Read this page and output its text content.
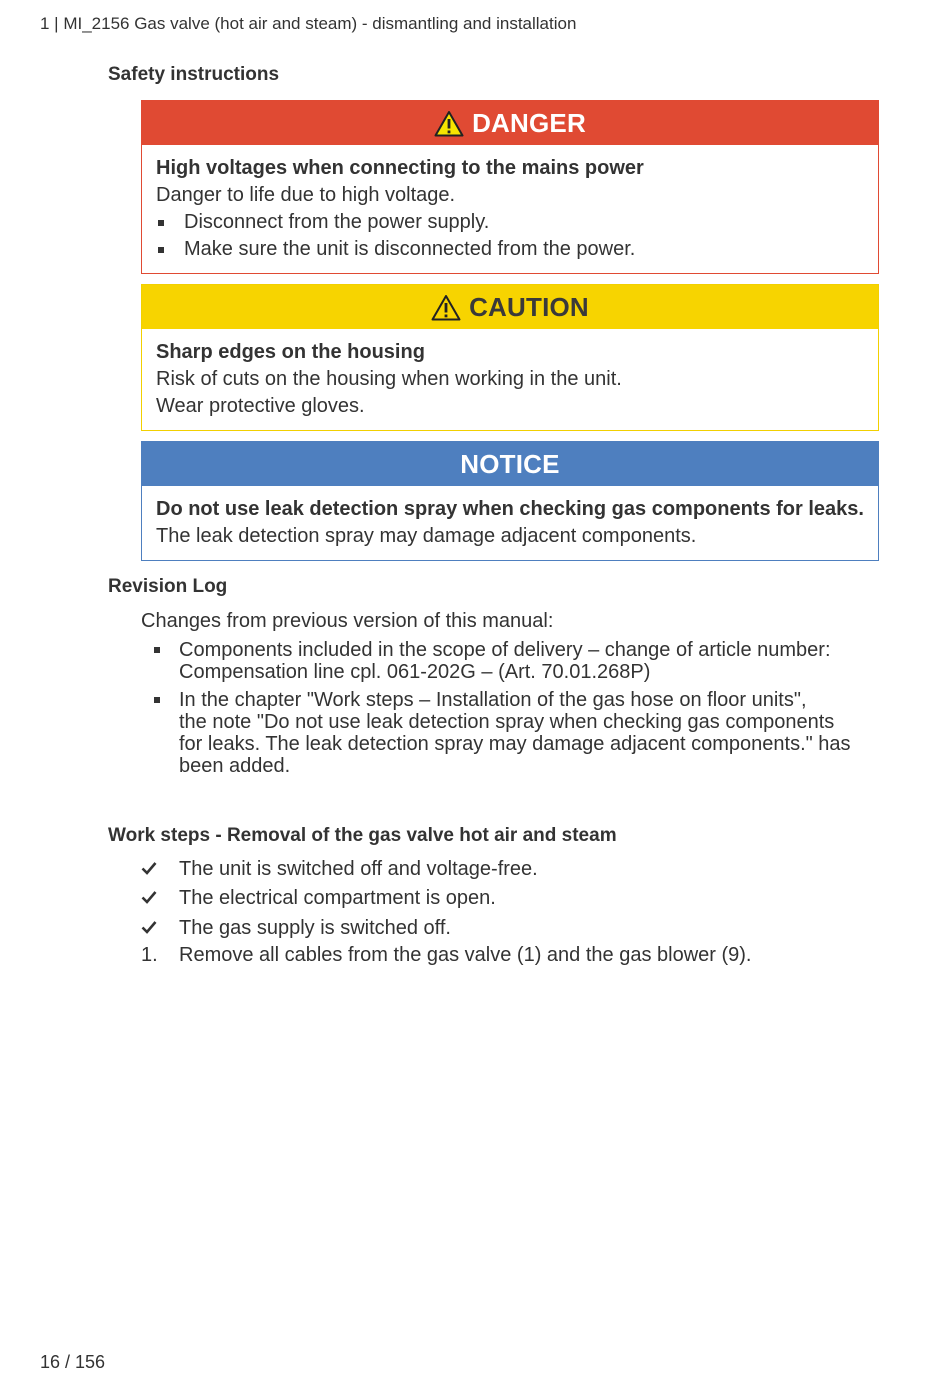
1 | MI_2156 Gas valve (hot air and steam) - dismantling and installation
Safety instructions
DANGER
High voltages when connecting to the mains power
Danger to life due to high voltage.
Disconnect from the power supply.
Make sure the unit is disconnected from the power.
CAUTION
Sharp edges on the housing
Risk of cuts on the housing when working in the unit.
Wear protective gloves.
NOTICE
Do not use leak detection spray when checking gas components for leaks.
The leak detection spray may damage adjacent components.
Revision Log
Changes from previous version of this manual:
Components included in the scope of delivery – change of article number:
Compensation line cpl. 061-202G – (Art. 70.01.268P)
In the chapter "Work steps – Installation of the gas hose on floor units",
the note "Do not use leak detection spray when checking gas components
for leaks. The leak detection spray may damage adjacent components." has
been added.
Work steps - Removal of the gas valve hot air and steam
The unit is switched off and voltage-free.
The electrical compartment is open.
The gas supply is switched off.
1. Remove all cables from the gas valve (1) and the gas blower (9).
16 / 156
